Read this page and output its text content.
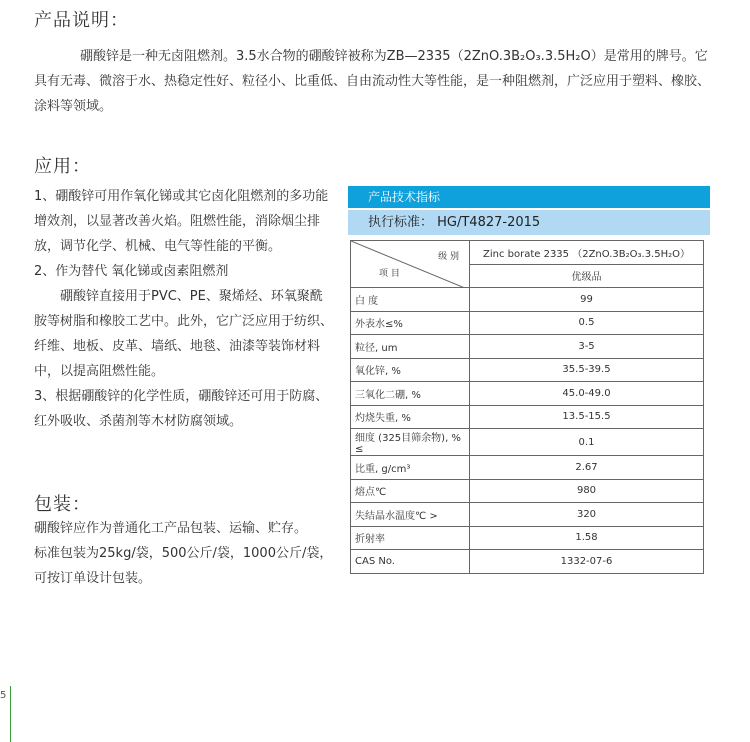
产品说明：

硼酸锌是一种无卤阻燃剂。3.5水合物的硼酸锌被称为ZB—2335（2ZnO.3B₂O₃.3.5H₂O）是常用的牌号。它具有无毒、微溶于水、热稳定性好、粒径小、比重低、自由流动性大等性能，是一种阻燃剂，广泛应用于塑料、橡胶、涂料等领域。

应用：

1、硼酸锌可用作氧化锑或其它卤化阻燃剂的多功能增效剂，以显著改善火焰。阻燃性能，消除烟尘排放，调节化学、机械、电气等性能的平衡。

2、作为替代 氧化锑或卤素阻燃剂

硼酸锌直接用于PVC、PE、聚烯烃、环氧聚酰胺等树脂和橡胶工艺中。此外，它广泛应用于纺织、纤维、地板、皮革、墙纸、地毯、油漆等装饰材料中，以提高阻燃性能。

3、根据硼酸锌的化学性质，硼酸锌还可用于防腐、红外吸收、杀菌剂等木材防腐领域。

包装：

硼酸锌应作为普通化工产品包装、运输、贮存。

标准包装为25kg/袋，500公斤/袋，1000公斤/袋，

可按订单设计包装。

产品技术指标
执行标准： HG/T4827-2015
级 别
项 目	Zinc borate 2335 （2ZnO.3B₂O₃.3.5H₂O）
	优级品
白 度	99
外表水≤%	0.5
粒径, um	3-5
氧化锌, %	35.5-39.5
三氧化二硼, %	45.0-49.0
灼烧失重, %	13.5-15.5
细度 (325目筛余物), % ≤	0.1
比重, g/cm³	2.67
熔点℃	980
失结晶水温度℃ >	320
折射率	1.58
CAS No.	1332-07-6
5
